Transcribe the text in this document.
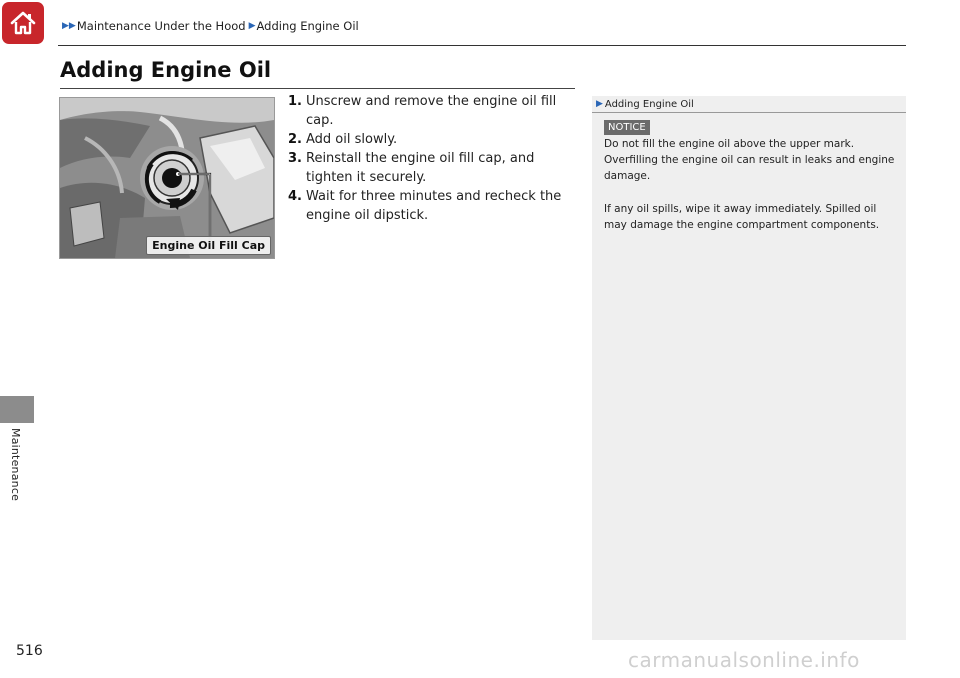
▶ ▶ Maintenance Under the Hood ▶ Adding Engine Oil
Maintenance
Adding Engine Oil
Engine Oil Fill Cap
1. Unscrew and remove the engine oil fill cap.
2. Add oil slowly.
3. Reinstall the engine oil fill cap, and tighten it securely.
4. Wait for three minutes and recheck the engine oil dipstick.
▶ Adding Engine Oil
NOTICE

Do not fill the engine oil above the upper mark. Overfilling the engine oil can result in leaks and engine damage.

If any oil spills, wipe it away immediately. Spilled oil may damage the engine compartment components.

516	carmanualsonline.info
